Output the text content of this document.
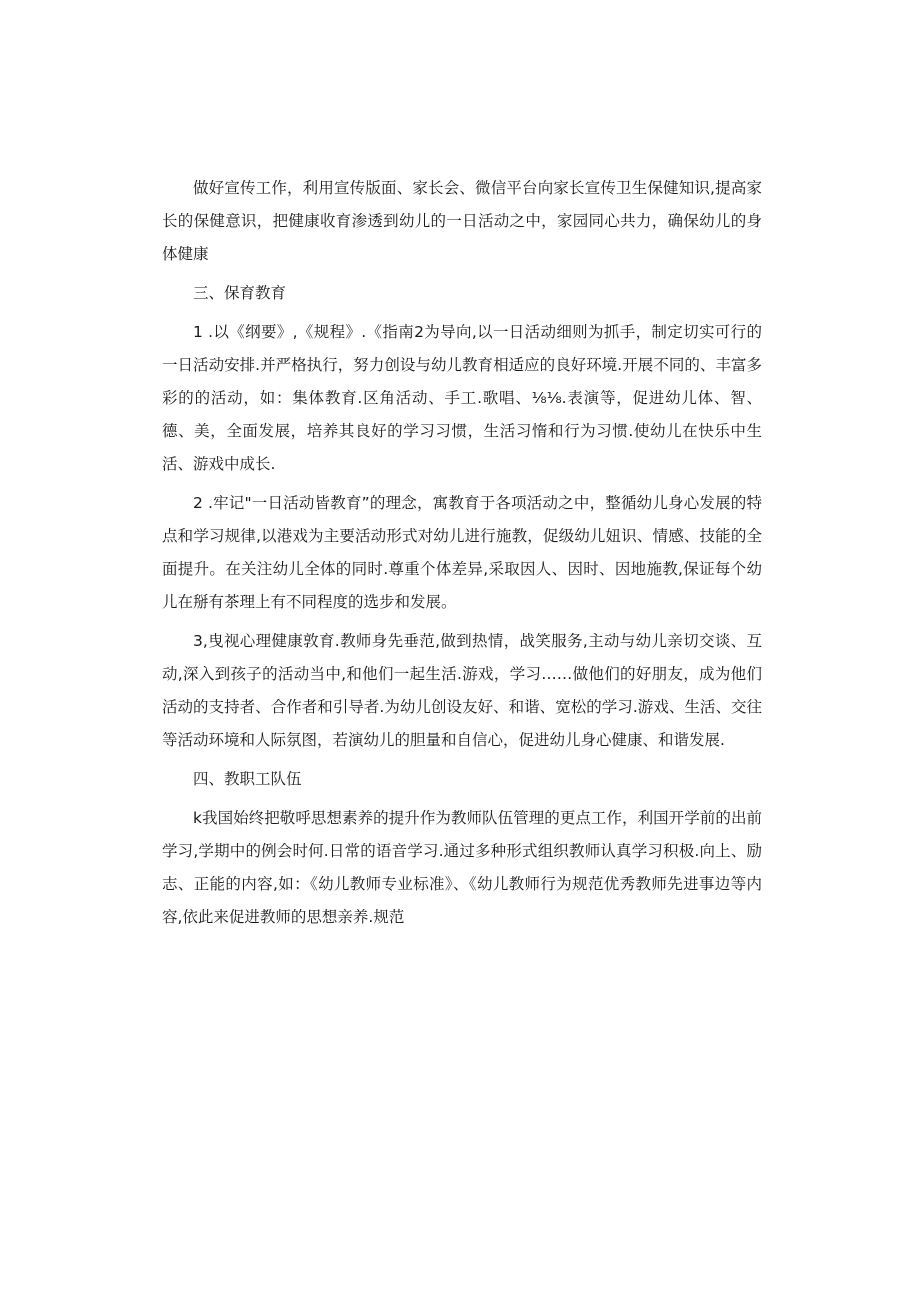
做好宣传工作，利用宣传版面、家长会、微信平台向家长宣传卫生保健知识,提高家长的保健意识，把健康收育渗透到幼儿的一日活动之中，家园同心共力，确保幼儿的身体健康

三、保育教育

1 .以《纲要》,《规程》.《指南2为导向,以一日活动细则为抓手，制定切实可行的一日活动安排.并严格执行，努力创设与幼儿教育相适应的良好环境.开展不同的、丰富多彩的的活动，如：集体教育.区角活动、手工.歌唱、⅛⅛.表演等，促进幼儿体、智、德、美，全面发展，培养其良好的学习习惯，生活习惰和行为习惯.使幼儿在快乐中生活、游戏中成长.

2 .牢记"一日活动皆教育”的理念，寓教育于各项活动之中，整循幼儿身心发展的特点和学习规律,以港戏为主要活动形式对幼儿进行施教，促级幼儿妞识、情感、技能的全面提升。在关注幼儿全体的同时.尊重个体差异,采取因人、因时、因地施教,保证每个幼儿在掰有茶理上有不同程度的选步和发展。

3,曳视心理健康敦育.教师身先垂范,做到热情，战笑服务,主动与幼儿亲切交谈、互动,深入到孩子的活动当中,和他们一起生活.游戏，学习……做他们的好朋友，成为他们活动的支持者、合作者和引导者.为幼儿创设友好、和谐、宽松的学习.游戏、生活、交往等活动环境和人际氛图，若演幼儿的胆量和自信心，促进幼儿身心健康、和谐发展.

四、教职工队伍

k我国始终把敬呼思想素养的提升作为教师队伍管理的更点工作，利国开学前的出前学习,学期中的例会时何.日常的语音学习.通过多种形式组织教师认真学习积极.向上、励志、正能的内容,如：《幼儿教师专业标准》、《幼儿教师行为规范优秀教师先进事边等内容,依此来促进教师的思想亲养.规范
